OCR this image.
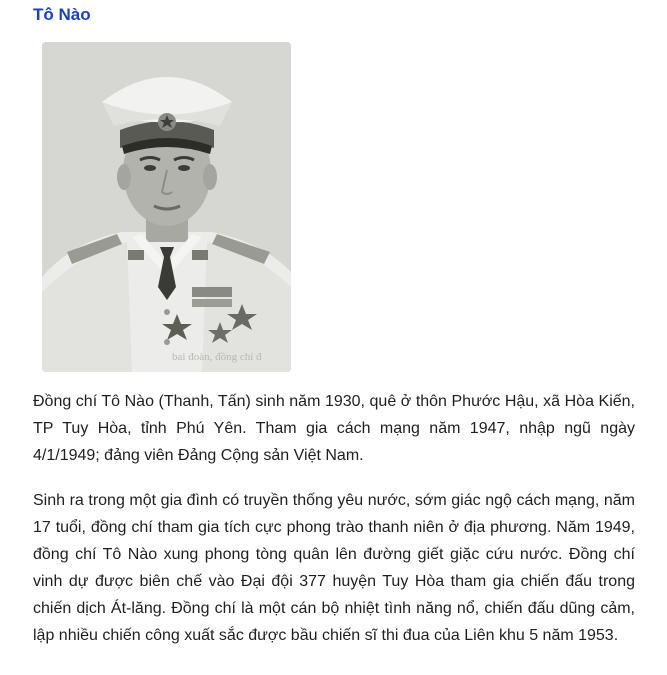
Tô Nào
bai đoàn, đồng chí đ

Đồng chí Tô Nào (Thanh, Tấn) sinh năm 1930, quê ở thôn Phước Hậu, xã Hòa Kiến, TP Tuy Hòa, tỉnh Phú Yên. Tham gia cách mạng năm 1947, nhập ngũ ngày 4/1/1949; đảng viên Đảng Cộng sản Việt Nam.

Sinh ra trong một gia đình có truyền thống yêu nước, sớm giác ngộ cách mạng, năm 17 tuổi, đồng chí tham gia tích cực phong trào thanh niên ở địa phương. Năm 1949, đồng chí Tô Nào xung phong tòng quân lên đường giết giặc cứu nước. Đồng chí vinh dự được biên chế vào Đại đội 377 huyện Tuy Hòa tham gia chiến đấu trong chiến dịch Át-lăng. Đồng chí là một cán bộ nhiệt tình năng nổ, chiến đấu dũng cảm, lập nhiều chiến công xuất sắc được bầu chiến sĩ thi đua của Liên khu 5 năm 1953.
